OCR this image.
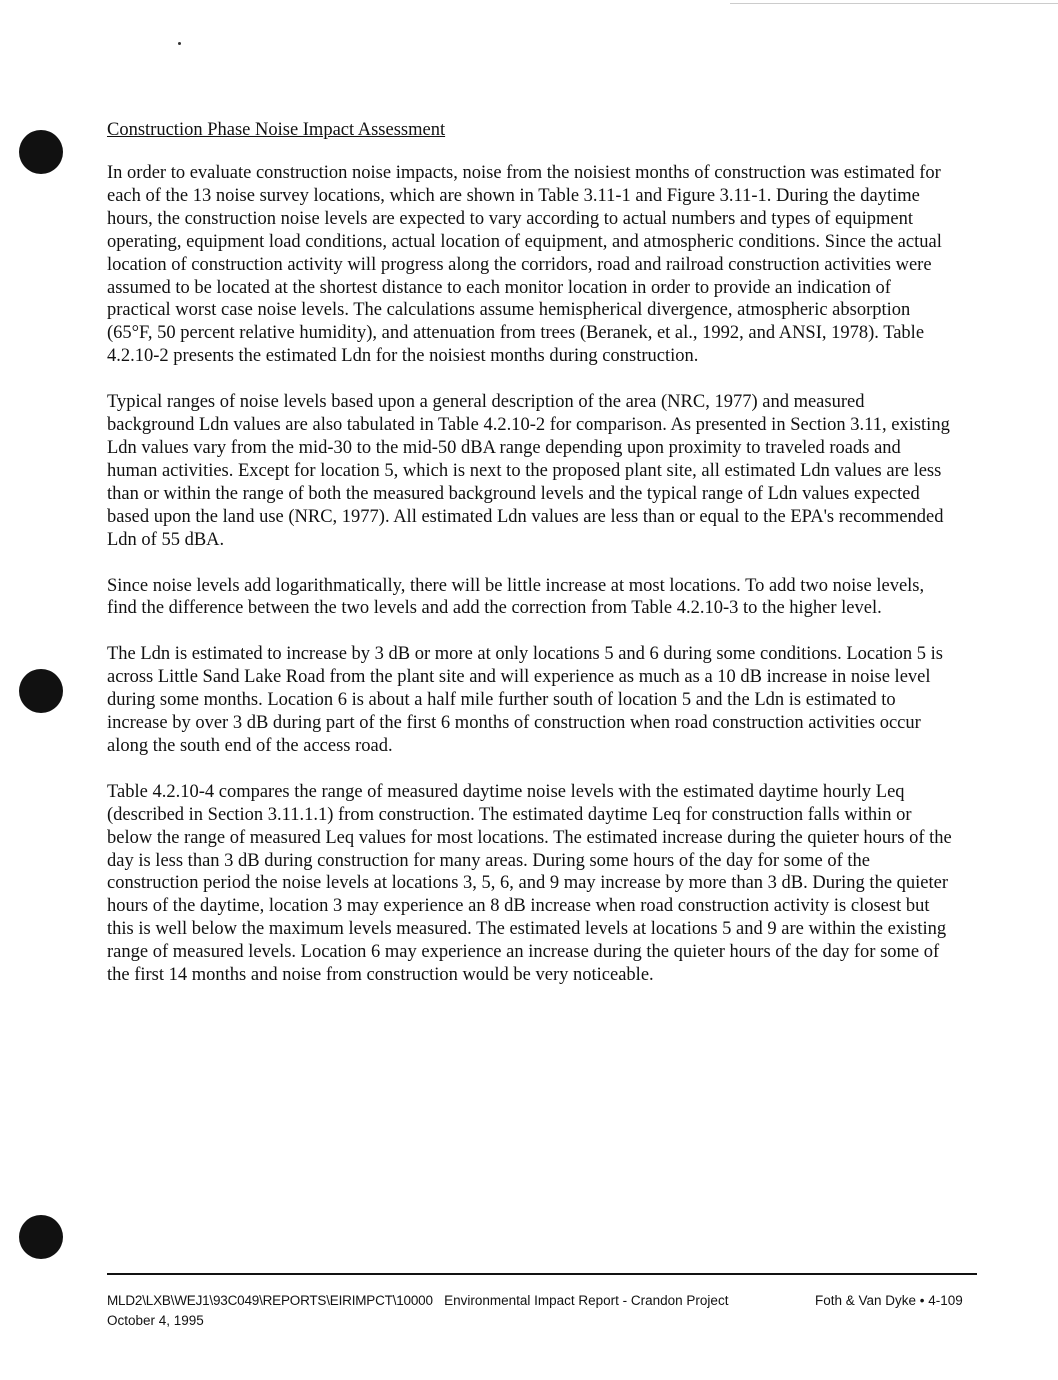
Construction Phase Noise Impact Assessment

In order to evaluate construction noise impacts, noise from the noisiest months of construction was estimated for each of the 13 noise survey locations, which are shown in Table 3.11-1 and Figure 3.11-1. During the daytime hours, the construction noise levels are expected to vary according to actual numbers and types of equipment operating, equipment load conditions, actual location of equipment, and atmospheric conditions. Since the actual location of construction activity will progress along the corridors, road and railroad construction activities were assumed to be located at the shortest distance to each monitor location in order to provide an indication of practical worst case noise levels. The calculations assume hemispherical divergence, atmospheric absorption (65°F, 50 percent relative humidity), and attenuation from trees (Beranek, et al., 1992, and ANSI, 1978). Table 4.2.10-2 presents the estimated Ldn for the noisiest months during construction.

Typical ranges of noise levels based upon a general description of the area (NRC, 1977) and measured background Ldn values are also tabulated in Table 4.2.10-2 for comparison. As presented in Section 3.11, existing Ldn values vary from the mid-30 to the mid-50 dBA range depending upon proximity to traveled roads and human activities. Except for location 5, which is next to the proposed plant site, all estimated Ldn values are less than or within the range of both the measured background levels and the typical range of Ldn values expected based upon the land use (NRC, 1977). All estimated Ldn values are less than or equal to the EPA's recommended Ldn of 55 dBA.

Since noise levels add logarithmatically, there will be little increase at most locations. To add two noise levels, find the difference between the two levels and add the correction from Table 4.2.10-3 to the higher level.

The Ldn is estimated to increase by 3 dB or more at only locations 5 and 6 during some conditions. Location 5 is across Little Sand Lake Road from the plant site and will experience as much as a 10 dB increase in noise level during some months. Location 6 is about a half mile further south of location 5 and the Ldn is estimated to increase by over 3 dB during part of the first 6 months of construction when road construction activities occur along the south end of the access road.

Table 4.2.10-4 compares the range of measured daytime noise levels with the estimated daytime hourly Leq (described in Section 3.11.1.1) from construction. The estimated daytime Leq for construction falls within or below the range of measured Leq values for most locations. The estimated increase during the quieter hours of the day is less than 3 dB during construction for many areas. During some hours of the day for some of the construction period the noise levels at locations 3, 5, 6, and 9 may increase by more than 3 dB. During the quieter hours of the daytime, location 3 may experience an 8 dB increase when road construction activity is closest but this is well below the maximum levels measured. The estimated levels at locations 5 and 9 are within the existing range of measured levels. Location 6 may experience an increase during the quieter hours of the day for some of the first 14 months and noise from construction would be very noticeable.

MLD2\LXB\WEJ1\93C049\REPORTS\EIRIMPCT\10000 Environmental Impact Report - Crandon Project
October 4, 1995
Foth & Van Dyke • 4-109
